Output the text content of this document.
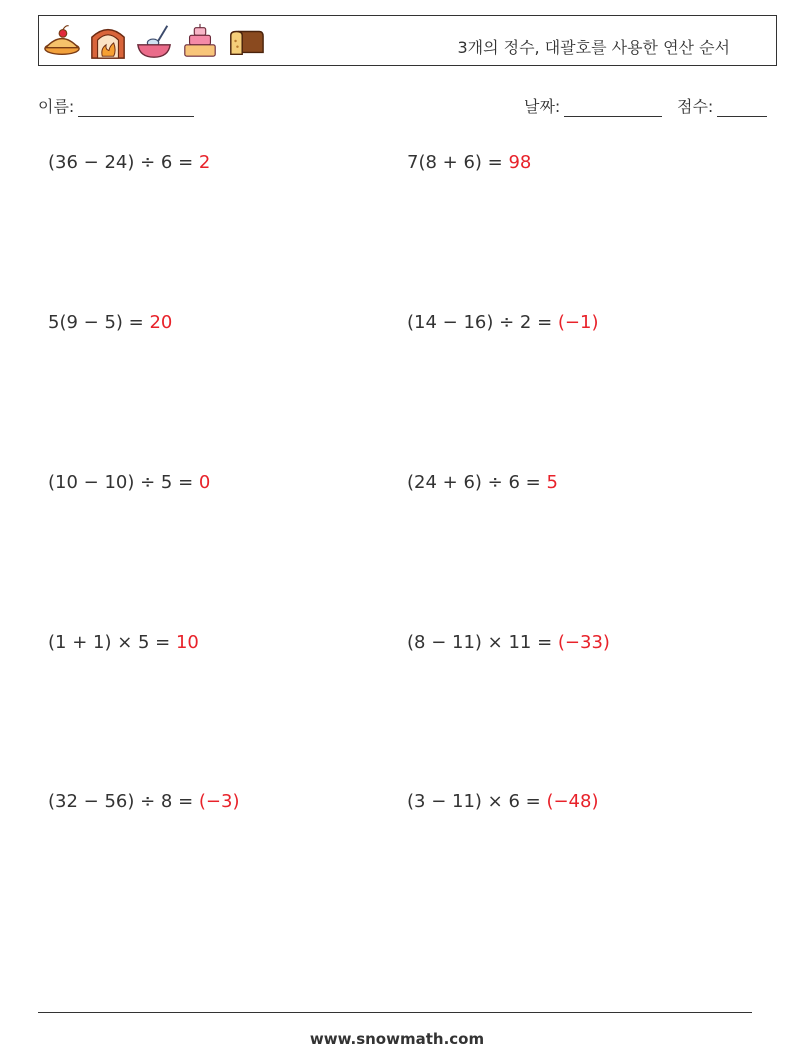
3개의 정수, 대괄호를 사용한 연산 순서
이름:	날짜:	점수:
(36 − 24) ÷ 6 = 2	7(8 + 6) = 98
5(9 − 5) = 20	(14 − 16) ÷ 2 = (−1)
(10 − 10) ÷ 5 = 0	(24 + 6) ÷ 6 = 5
(1 + 1) × 5 = 10	(8 − 11) × 11 = (−33)
(32 − 56) ÷ 8 = (−3)	(3 − 11) × 6 = (−48)
www.snowmath.com
